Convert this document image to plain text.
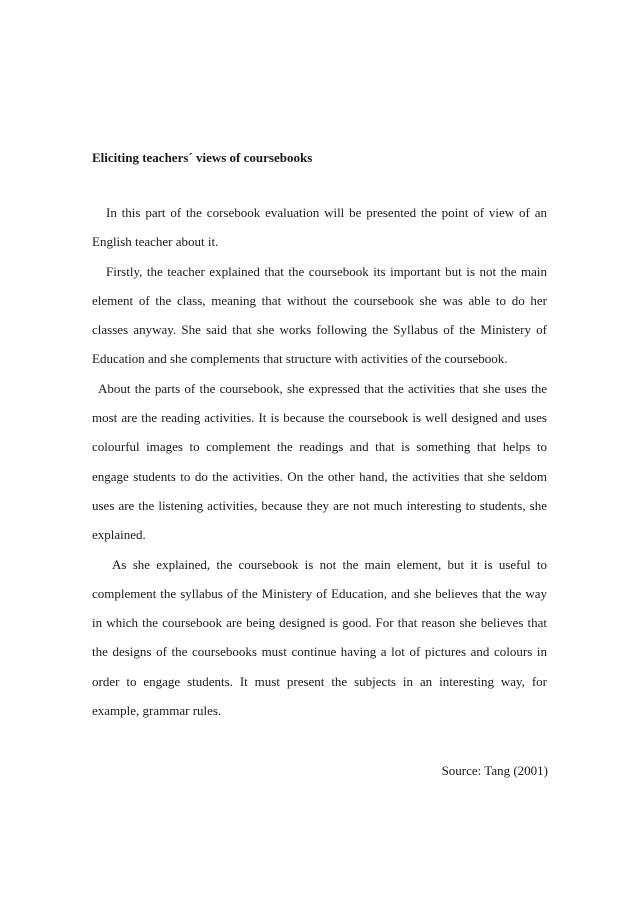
Eliciting teachers´ views of coursebooks

In this part of the corsebook evaluation will be presented the point of view of an English teacher about it.

Firstly, the teacher explained that the coursebook its important but is not the main element of the class, meaning that without the coursebook she was able to do her classes anyway. She said that she works following the Syllabus of the Ministery of Education and she complements that structure with activities of the coursebook.

About the parts of the coursebook, she expressed that the activities that she uses the most are the reading activities. It is because the coursebook is well designed and uses colourful images to complement the readings and that is something that helps to engage students to do the activities. On the other hand, the activities that she seldom uses are the listening activities, because they are not much interesting to students, she explained.

As she explained, the coursebook is not the main element, but it is useful to complement the syllabus of the Ministery of Education, and she believes that the way in which the coursebook are being designed is good. For that reason she believes that the designs of the coursebooks must continue having a lot of pictures and colours in order to engage students. It must present the subjects in an interesting way, for example, grammar rules.

Source: Tang (2001)
